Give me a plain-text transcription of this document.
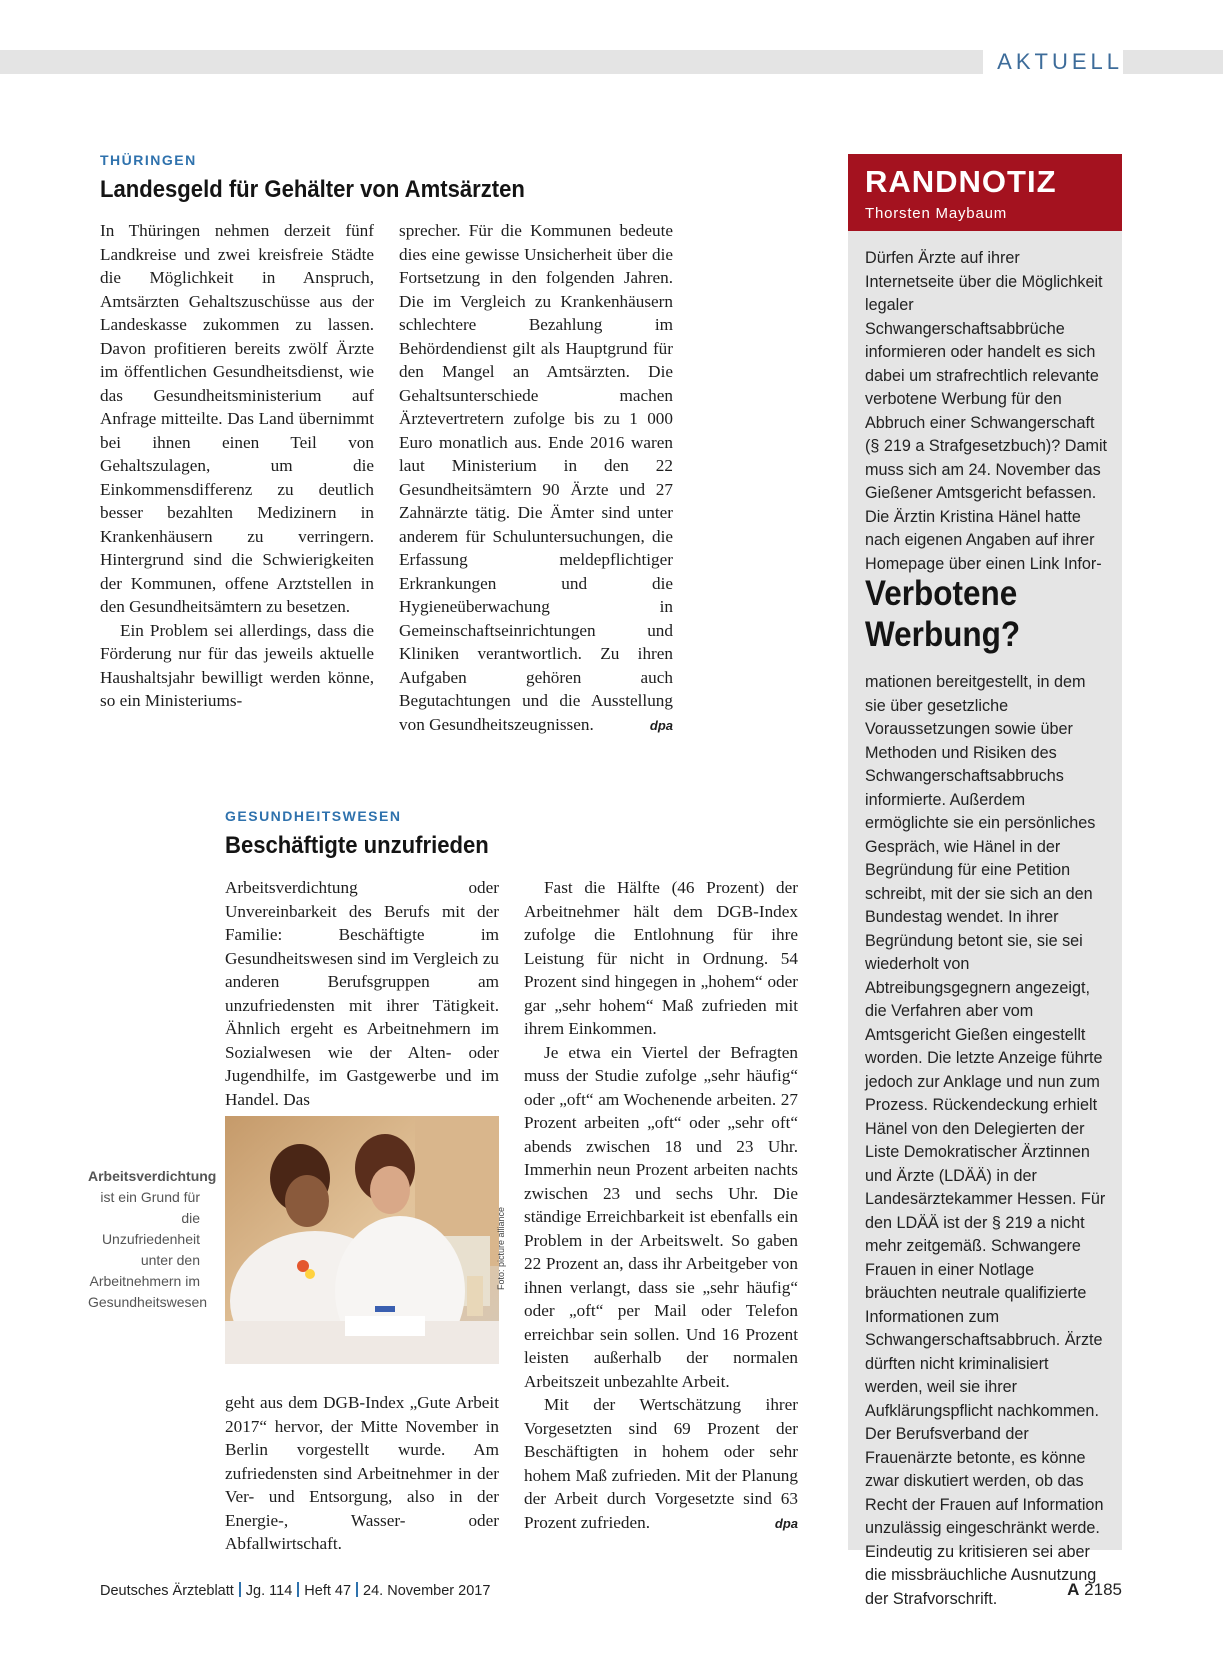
AKTUELL
THÜRINGEN
Landesgeld für Gehälter von Amtsärzten

In Thüringen nehmen derzeit fünf Landkreise und zwei kreisfreie Städte die Möglichkeit in Anspruch, Amtsärzten Gehaltszuschüsse aus der Landeskasse zukommen zu lassen. Davon profitieren bereits zwölf Ärzte im öffentlichen Gesundheitsdienst, wie das Gesundheitsministerium auf Anfrage mitteilte. Das Land übernimmt bei ihnen einen Teil von Gehaltszulagen, um die Einkommensdifferenz zu deutlich besser bezahlten Medizinern in Krankenhäusern zu verringern. Hintergrund sind die Schwierigkeiten der Kommunen, offene Arztstellen in den Gesundheitsämtern zu besetzen.

Ein Problem sei allerdings, dass die Förderung nur für das jeweils aktuelle Haushaltsjahr bewilligt werden könne, so ein Ministeriums-

sprecher. Für die Kommunen bedeute dies eine gewisse Unsicherheit über die Fortsetzung in den folgenden Jahren. Die im Vergleich zu Krankenhäusern schlechtere Bezahlung im Behördendienst gilt als Hauptgrund für den Mangel an Amtsärzten. Die Gehaltsunterschiede machen Ärztevertretern zufolge bis zu 1 000 Euro monatlich aus. Ende 2016 waren laut Ministerium in den 22 Gesundheitsämtern 90 Ärzte und 27 Zahnärzte tätig. Die Ämter sind unter anderem für Schuluntersuchungen, die Erfassung meldepflichtiger Erkrankungen und die Hygieneüberwachung in Gemeinschaftseinrichtungen und Kliniken verantwortlich. Zu ihren Aufgaben gehören auch Begutachtungen und die Ausstellung von Gesundheitszeugnissen.	dpa

GESUNDHEITSWESEN
Beschäftigte unzufrieden

Arbeitsverdichtung oder Unvereinbarkeit des Berufs mit der Familie: Beschäftigte im Gesundheitswesen sind im Vergleich zu anderen Berufsgruppen am unzufriedensten mit ihrer Tätigkeit. Ähnlich ergeht es Arbeitnehmern im Sozialwesen wie der Alten- oder Jugendhilfe, im Gastgewerbe und im Handel. Das

Foto: picture alliance
Arbeitsverdichtung ist ein Grund für die Unzufriedenheit unter den Arbeitnehmern im Gesundheitswesen

geht aus dem DGB-Index „Gute Arbeit 2017“ hervor, der Mitte November in Berlin vorgestellt wurde. Am zufriedensten sind Arbeitnehmer in der Ver- und Entsorgung, also in der Energie-, Wasser- oder Abfallwirtschaft.

Fast die Hälfte (46 Prozent) der Arbeitnehmer hält dem DGB-Index zufolge die Entlohnung für ihre Leistung für nicht in Ordnung. 54 Prozent sind hingegen in „hohem“ oder gar „sehr hohem“ Maß zufrieden mit ihrem Einkommen.

Je etwa ein Viertel der Befragten muss der Studie zufolge „sehr häufig“ oder „oft“ am Wochenende arbeiten. 27 Prozent arbeiten „oft“ oder „sehr oft“ abends zwischen 18 und 23 Uhr. Immerhin neun Prozent arbeiten nachts zwischen 23 und sechs Uhr. Die ständige Erreichbarkeit ist ebenfalls ein Problem in der Arbeitswelt. So gaben 22 Prozent an, dass ihr Arbeitgeber von ihnen verlangt, dass sie „sehr häufig“ oder „oft“ per Mail oder Telefon erreichbar sein sollen. Und 16 Prozent leisten außerhalb der normalen Arbeitszeit unbezahlte Arbeit.

Mit der Wertschätzung ihrer Vorgesetzten sind 69 Prozent der Beschäftigten in hohem oder sehr hohem Maß zufrieden. Mit der Planung der Arbeit durch Vorgesetzte sind 63 Prozent zufrieden.	dpa

RANDNOTIZ
Thorsten Maybaum

Dürfen Ärzte auf ihrer Internetseite über die Möglichkeit legaler Schwangerschaftsabbrüche informieren oder handelt es sich dabei um strafrechtlich relevante verbotene Werbung für den Abbruch einer Schwangerschaft (§ 219 a Strafgesetzbuch)? Damit muss sich am 24. November das Gießener Amtsgericht befassen. Die Ärztin Kristina Hänel hatte nach eigenen Angaben auf ihrer Homepage über einen Link Infor-

Verbotene
Werbung?

mationen bereitgestellt, in dem sie über gesetzliche Voraussetzungen sowie über Methoden und Risiken des Schwangerschaftsabbruchs informierte. Außerdem ermöglichte sie ein persönliches Gespräch, wie Hänel in der Begründung für eine Petition schreibt, mit der sie sich an den Bundestag wendet. In ihrer Begründung betont sie, sie sei wiederholt von Abtreibungsgegnern angezeigt, die Verfahren aber vom Amtsgericht Gießen eingestellt worden. Die letzte Anzeige führte jedoch zur Anklage und nun zum Prozess. Rückendeckung erhielt Hänel von den Delegierten der Liste Demokratischer Ärztinnen und Ärzte (LDÄÄ) in der Landesärztekammer Hessen. Für den LDÄÄ ist der § 219 a nicht mehr zeitgemäß. Schwangere Frauen in einer Notlage bräuchten neutrale qualifizierte Informationen zum Schwangerschaftsabbruch. Ärzte dürften nicht kriminalisiert werden, weil sie ihrer Aufklärungspflicht nachkommen. Der Berufsverband der Frauenärzte betonte, es könne zwar diskutiert werden, ob das Recht der Frauen auf Information unzulässig eingeschränkt werde. Eindeutig zu kritisieren sei aber die missbräuchliche Ausnutzung der Strafvorschrift.

Deutsches Ärzteblatt Jg. 114 Heft 47 24. November 2017	A 2185
